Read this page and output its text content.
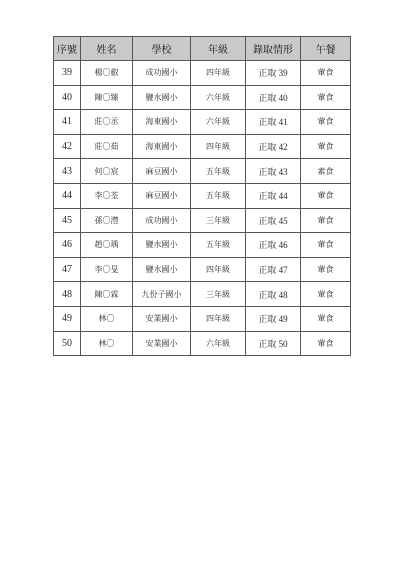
序號	姓名	學校	年級	錄取情形	午餐
39	楊〇叡	成功國小	四年級	正取 39	葷食
40	陳〇臻	鹽水國小	六年級	正取 40	葷食
41	莊〇丞	海東國小	六年級	正取 41	葷食
42	莊〇茹	海東國小	四年級	正取 42	葷食
43	何〇宸	麻豆國小	五年級	正取 43	素食
44	李〇荃	麻豆國小	五年級	正取 44	葷食
45	孫〇澧	成功國小	三年級	正取 45	葷食
46	趙〇瑀	鹽水國小	五年級	正取 46	葷食
47	李〇旻	鹽水國小	四年級	正取 47	葷食
48	陳〇霖	九份子國小	三年級	正取 48	葷食
49	林〇	安業國小	四年級	正取 49	葷食
50	林〇	安業國小	六年級	正取 50	葷食
